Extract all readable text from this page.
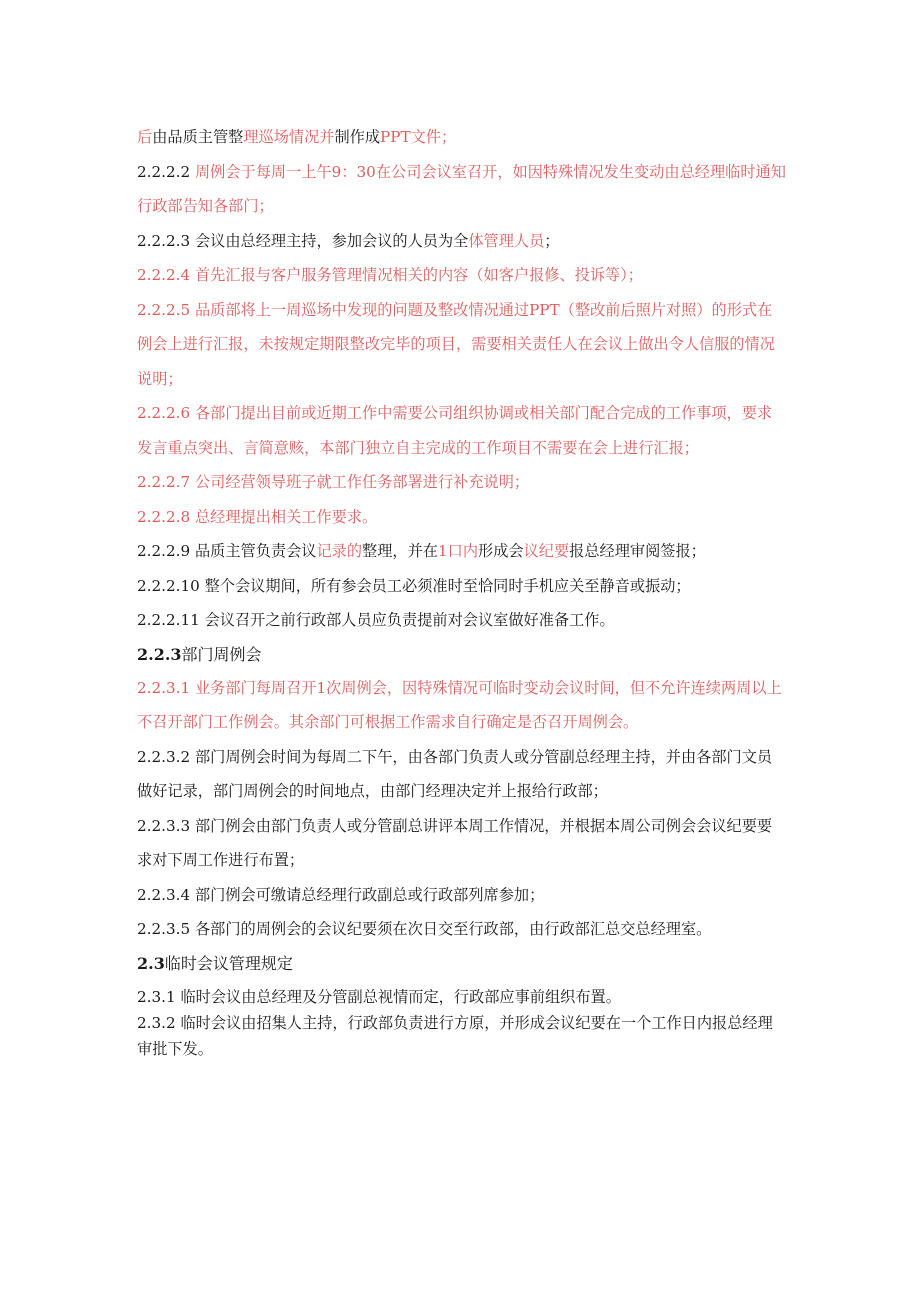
后由品质主管整理巡场情况并制作成PPT文件；

2.2.2.2 周例会于每周一上午9：30在公司会议室召开，如因特殊情况发生变动由总经理临时通知行政部告知各部门；

2.2.2.3 会议由总经理主持，参加会议的人员为全体管理人员；

2.2.2.4 首先汇报与客户服务管理情况相关的内容（如客户报修、投诉等）；

2.2.2.5 品质部将上一周巡场中发现的问题及整改情况通过PPT（整改前后照片对照）的形式在例会上进行汇报，未按规定期限整改完毕的项目，需要相关责任人在会议上做出令人信服的情况说明；

2.2.2.6 各部门提出目前或近期工作中需要公司组织协调或相关部门配合完成的工作事项，要求发言重点突出、言简意赅，本部门独立自主完成的工作项目不需要在会上进行汇报；

2.2.2.7 公司经营领导班子就工作任务部署进行补充说明；

2.2.2.8 总经理提出相关工作要求。

2.2.2.9 品质主管负责会议记录的整理，并在1口内形成会议纪要报总经理审阅签报；

2.2.2.10 整个会议期间，所有参会员工必须准时至恰同时手机应关至静音或振动；

2.2.2.11 会议召开之前行政部人员应负责提前对会议室做好准备工作。

2.2.3部门周例会

2.2.3.1 业务部门每周召开1次周例会，因特殊情况可临时变动会议时间，但不允许连续两周以上不召开部门工作例会。其余部门可根据工作需求自行确定是否召开周例会。

2.2.3.2 部门周例会时间为每周二下午，由各部门负责人或分管副总经理主持，并由各部门文员做好记录，部门周例会的时间地点，由部门经理决定并上报给行政部；

2.2.3.3 部门例会由部门负责人或分管副总讲评本周工作情况，并根据本周公司例会会议纪要要求对下周工作进行布置；

2.2.3.4 部门例会可缴请总经理行政副总或行政部列席参加；

2.2.3.5 各部门的周例会的会议纪要须在次日交至行政部，由行政部汇总交总经理室。

2.3临时会议管理规定

2.3.1 临时会议由总经理及分管副总视情而定，行政部应事前组织布置。

2.3.2 临时会议由招集人主持，行政部负责进行方原，并形成会议纪要在一个工作日内报总经理审批下发。
